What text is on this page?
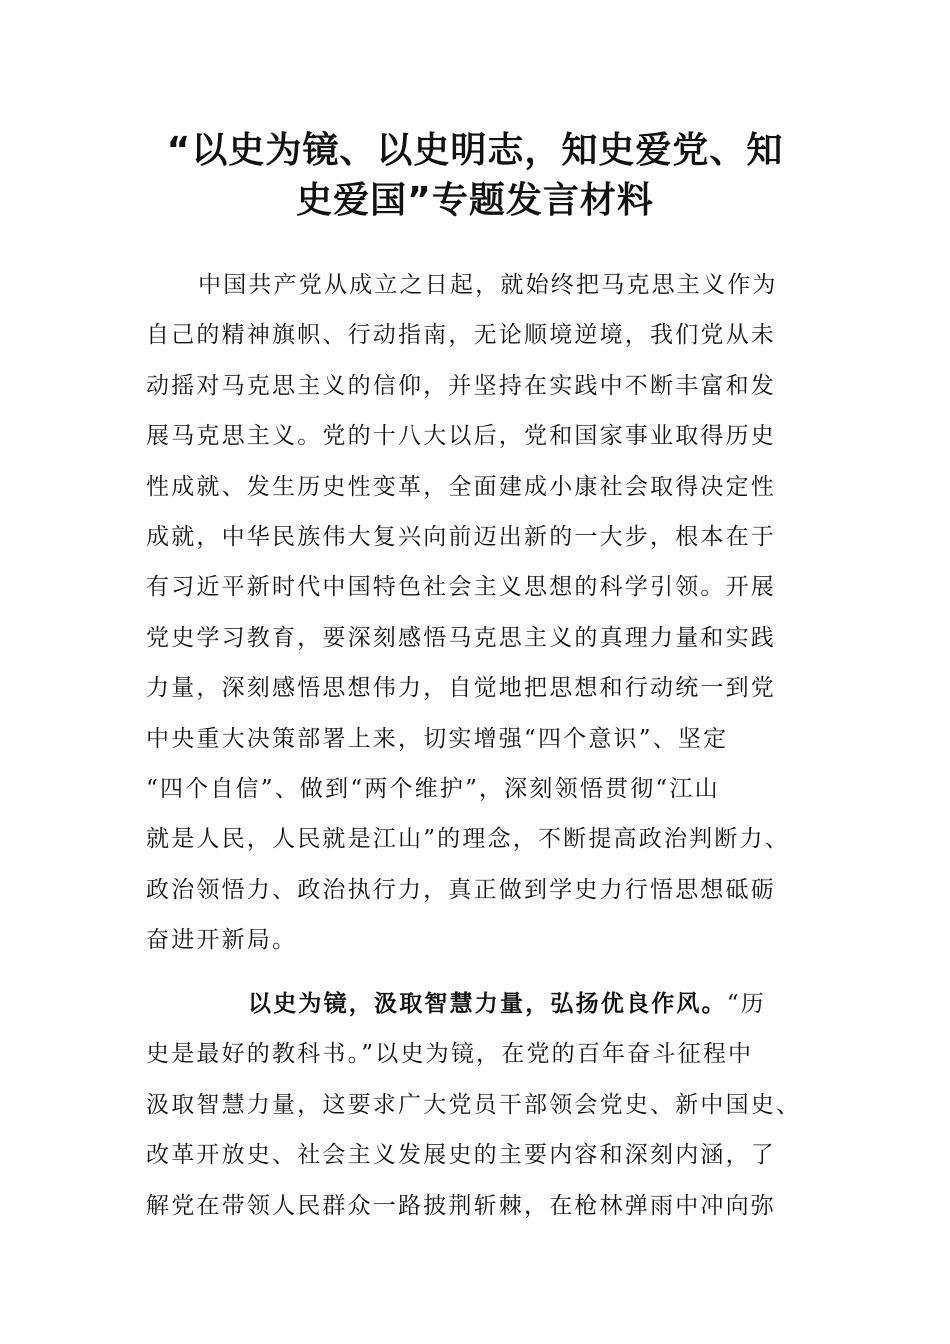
“以史为镜、以史明志，知史爱党、知
史爱国”专题发言材料
中国共产党从成立之日起，就始终把马克思主义作为
自己的精神旗帜、行动指南，无论顺境逆境，我们党从未
动摇对马克思主义的信仰，并坚持在实践中不断丰富和发
展马克思主义。党的十八大以后，党和国家事业取得历史
性成就、发生历史性变革，全面建成小康社会取得决定性
成就，中华民族伟大复兴向前迈出新的一大步，根本在于
有习近平新时代中国特色社会主义思想的科学引领。开展
党史学习教育，要深刻感悟马克思主义的真理力量和实践
力量，深刻感悟思想伟力，自觉地把思想和行动统一到党
中央重大决策部署上来，切实增强“四个意识”、坚定
“四个自信”、做到“两个维护”，深刻领悟贯彻“江山
就是人民，人民就是江山”的理念，不断提高政治判断力、
政治领悟力、政治执行力，真正做到学史力行悟思想砥砺
奋进开新局。
以史为镜，汲取智慧力量，弘扬优良作风。“历
史是最好的教科书。”以史为镜，在党的百年奋斗征程中
汲取智慧力量，这要求广大党员干部领会党史、新中国史、
改革开放史、社会主义发展史的主要内容和深刻内涵，了
解党在带领人民群众一路披荆斩棘，在枪林弹雨中冲向弥
